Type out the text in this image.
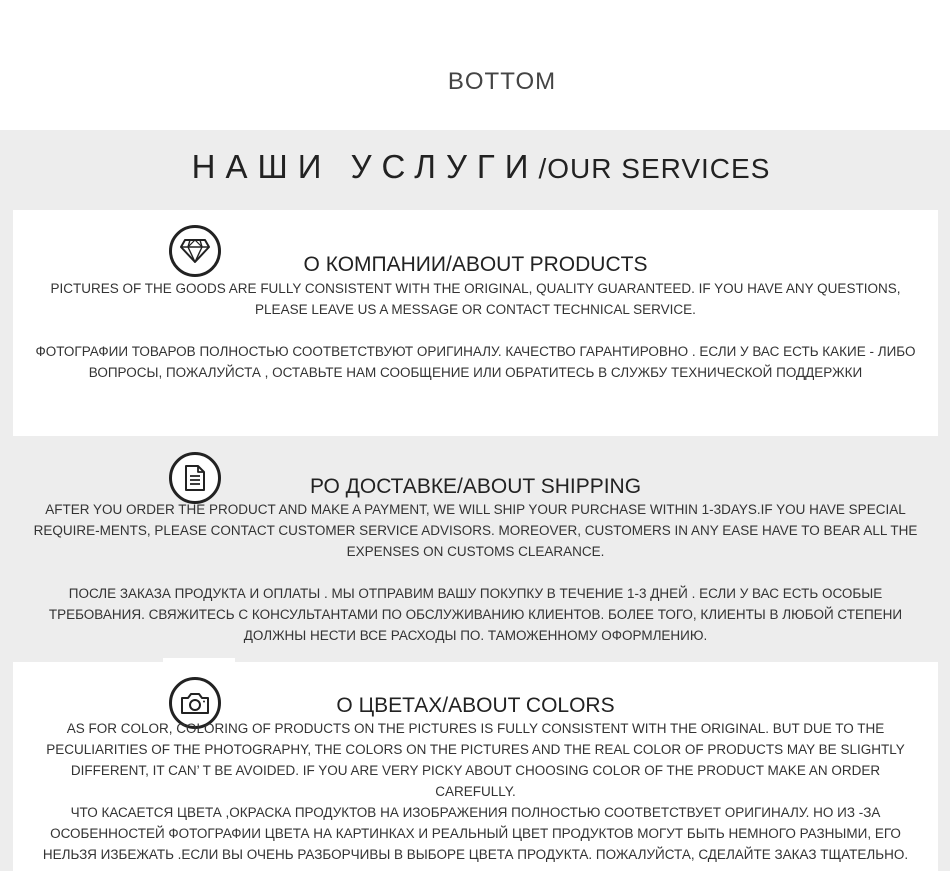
BOTTOM
НАШИ УСЛУГИ/OUR SERVICES
О КОМПАНИИ/ABOUT PRODUCTS
PICTURES OF THE GOODS ARE FULLY CONSISTENT WITH THE ORIGINAL, QUALITY GUARANTEED. IF YOU HAVE ANY QUESTIONS, PLEASE LEAVE US A MESSAGE OR CONTACT TECHNICAL SERVICE.
ФОТОГРАФИИ ТОВАРОВ ПОЛНОСТЬЮ СООТВЕТСТВУЮТ ОРИГИНАЛУ. КАЧЕСТВО ГАРАНТИРОВНО . ЕСЛИ У ВАС ЕСТЬ КАКИЕ - ЛИБО ВОПРОСЫ, ПОЖАЛУЙСТА , ОСТАВЬТЕ НАМ СООБЩЕНИЕ ИЛИ ОБРАТИТЕСЬ В СЛУЖБУ ТЕХНИЧЕСКОЙ ПОДДЕРЖКИ
РО ДОСТАВКЕ/ABOUT SHIPPING
AFTER YOU ORDER THE PRODUCT AND MAKE A PAYMENT, WE WILL SHIP YOUR PURCHASE WITHIN 1-3DAYS.IF YOU HAVE SPECIAL REQUIRE-MENTS, PLEASE CONTACT CUSTOMER SERVICE ADVISORS. MOREOVER, CUSTOMERS IN ANY EASE HAVE TO BEAR ALL THE EXPENSES ON CUSTOMS CLEARANCE.
ПОСЛЕ ЗАКАЗА ПРОДУКТА И ОПЛАТЫ . МЫ ОТПРАВИМ ВАШУ ПОКУПКУ В ТЕЧЕНИЕ 1-3 ДНЕЙ . ЕСЛИ У ВАС ЕСТЬ ОСОБЫЕ ТРЕБОВАНИЯ. СВЯЖИТЕСЬ С КОНСУЛЬТАНТАМИ ПО ОБСЛУЖИВАНИЮ КЛИЕНТОВ. БОЛЕЕ ТОГО, КЛИЕНТЫ В ЛЮБОЙ СТЕПЕНИ ДОЛЖНЫ НЕСТИ ВСЕ РАСХОДЫ ПО. ТАМОЖЕННОМУ ОФОРМЛЕНИЮ.
О ЦВЕТАХ/ABOUT COLORS
AS FOR COLOR, COLORING OF PRODUCTS ON THE PICTURES IS FULLY CONSISTENT WITH THE ORIGINAL. BUT DUE TO THE PECULIARITIES OF THE PHOTOGRAPHY, THE COLORS ON THE PICTURES AND THE REAL COLOR OF PRODUCTS MAY BE SLIGHTLY DIFFERENT, IT CAN’ T BE AVOIDED. IF YOU ARE VERY PICKY ABOUT CHOOSING COLOR OF THE PRODUCT MAKE AN ORDER CAREFULLY.
ЧТО КАСАЕТСЯ ЦВЕТА ,ОКРАСКА ПРОДУКТОВ НА ИЗОБРАЖЕНИЯ ПОЛНОСТЬЮ СООТВЕТСТВУЕТ ОРИГИНАЛУ. НО ИЗ -ЗА ОСОБЕННОСТЕЙ ФОТОГРАФИИ ЦВЕТА НА КАРТИНКАХ И РЕАЛЬНЫЙ ЦВЕТ ПРОДУКТОВ МОГУТ БЫТЬ НЕМНОГО РАЗНЫМИ, ЕГО НЕЛЬЗЯ ИЗБЕЖАТЬ .ЕСЛИ ВЫ ОЧЕНЬ РАЗБОРЧИВЫ В ВЫБОРЕ ЦВЕТА ПРОДУКТА. ПОЖАЛУЙСТА, СДЕЛАЙТЕ ЗАКАЗ ТЩАТЕЛЬНО.
